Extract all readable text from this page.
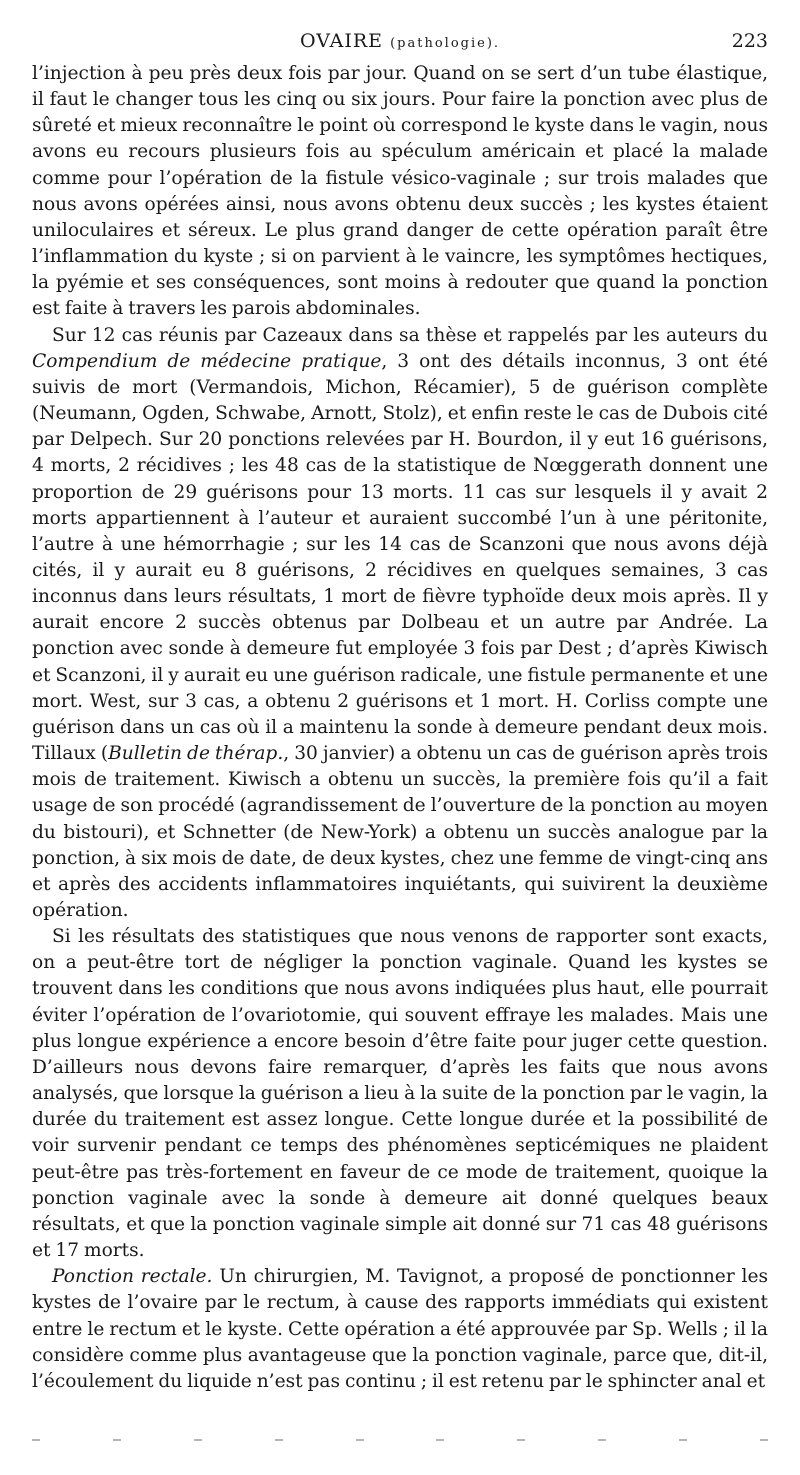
OVAIRE (pathologie).	223

l’injection à peu près deux fois par jour. Quand on se sert d’un tube élastique, il faut le changer tous les cinq ou six jours. Pour faire la ponction avec plus de sûreté et mieux reconnaître le point où correspond le kyste dans le vagin, nous avons eu recours plusieurs fois au spéculum américain et placé la malade comme pour l’opération de la fistule vésico-vaginale ; sur trois malades que nous avons opérées ainsi, nous avons obtenu deux succès ; les kystes étaient uniloculaires et séreux. Le plus grand danger de cette opération paraît être l’inflammation du kyste ; si on parvient à le vaincre, les symptômes hectiques, la pyémie et ses conséquences, sont moins à redouter que quand la ponction est faite à travers les parois abdominales.

Sur 12 cas réunis par Cazeaux dans sa thèse et rappelés par les auteurs du Compendium de médecine pratique, 3 ont des détails inconnus, 3 ont été suivis de mort (Vermandois, Michon, Récamier), 5 de guérison complète (Neumann, Ogden, Schwabe, Arnott, Stolz), et enfin reste le cas de Dubois cité par Delpech. Sur 20 ponctions relevées par H. Bourdon, il y eut 16 guérisons, 4 morts, 2 récidives ; les 48 cas de la statistique de Nœggerath donnent une proportion de 29 guérisons pour 13 morts. 11 cas sur lesquels il y avait 2 morts appartiennent à l’auteur et auraient succombé l’un à une péritonite, l’autre à une hémorrhagie ; sur les 14 cas de Scanzoni que nous avons déjà cités, il y aurait eu 8 guérisons, 2 récidives en quelques semaines, 3 cas inconnus dans leurs résultats, 1 mort de fièvre typhoïde deux mois après. Il y aurait encore 2 succès obtenus par Dolbeau et un autre par Andrée. La ponction avec sonde à demeure fut employée 3 fois par Dest ; d’après Kiwisch et Scanzoni, il y aurait eu une guérison radicale, une fistule permanente et une mort. West, sur 3 cas, a obtenu 2 guérisons et 1 mort. H. Corliss compte une guérison dans un cas où il a maintenu la sonde à demeure pendant deux mois. Tillaux (Bulletin de thérap., 30 janvier) a obtenu un cas de guérison après trois mois de traitement. Kiwisch a obtenu un succès, la première fois qu’il a fait usage de son procédé (agrandissement de l’ouverture de la ponction au moyen du bistouri), et Schnetter (de New-York) a obtenu un succès analogue par la ponction, à six mois de date, de deux kystes, chez une femme de vingt-cinq ans et après des accidents inflammatoires inquiétants, qui suivirent la deuxième opération.

Si les résultats des statistiques que nous venons de rapporter sont exacts, on a peut-être tort de négliger la ponction vaginale. Quand les kystes se trouvent dans les conditions que nous avons indiquées plus haut, elle pourrait éviter l’opération de l’ovariotomie, qui souvent effraye les malades. Mais une plus longue expérience a encore besoin d’être faite pour juger cette question. D’ailleurs nous devons faire remarquer, d’après les faits que nous avons analysés, que lorsque la guérison a lieu à la suite de la ponction par le vagin, la durée du traitement est assez longue. Cette longue durée et la possibilité de voir survenir pendant ce temps des phénomènes septicémiques ne plaident peut-être pas très-fortement en faveur de ce mode de traitement, quoique la ponction vaginale avec la sonde à demeure ait donné quelques beaux résultats, et que la ponction vaginale simple ait donné sur 71 cas 48 guérisons et 17 morts.

Ponction rectale. Un chirurgien, M. Tavignot, a proposé de ponctionner les kystes de l’ovaire par le rectum, à cause des rapports immédiats qui existent entre le rectum et le kyste. Cette opération a été approuvée par Sp. Wells ; il la considère comme plus avantageuse que la ponction vaginale, parce que, dit-il, l’écoulement du liquide n’est pas continu ; il est retenu par le sphincter anal et
